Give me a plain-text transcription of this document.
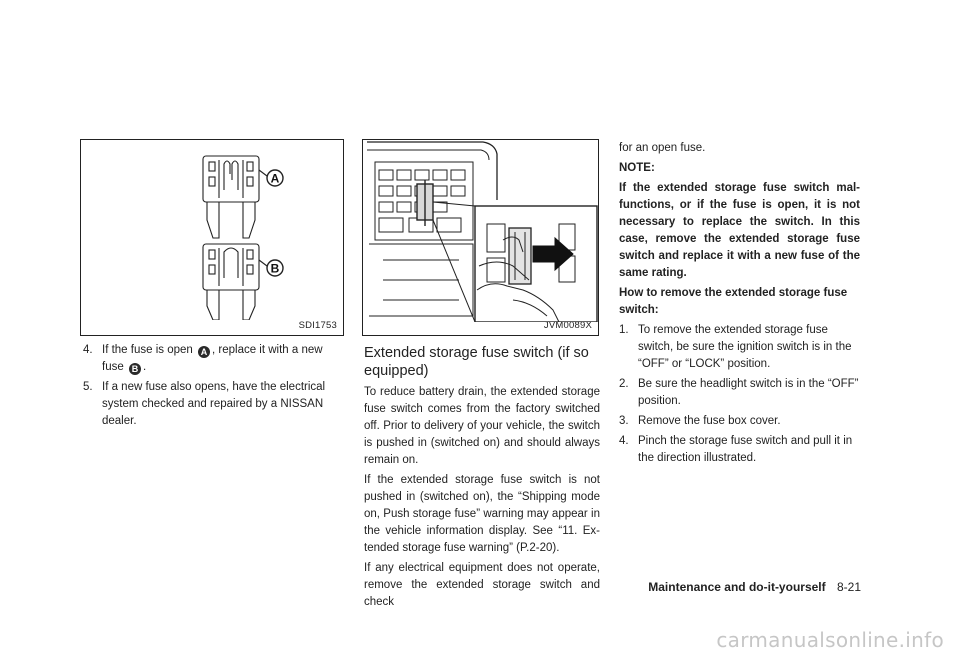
A
B
SDI1753	JVM0089X
4. If the fuse is open A , replace it with a new fuse B .
5. If a new fuse also opens, have the electrical system checked and repaired by a NISSAN dealer.
Extended storage fuse switch (if so equipped)

To reduce battery drain, the extended storage fuse switch comes from the factory switched off. Prior to delivery of your vehicle, the switch is pushed in (switched on) and should always remain on.

If the extended storage fuse switch is not pushed in (switched on), the “Shipping mode on, Push storage fuse” warning may appear in the vehicle information display. See “11. Ex-tended storage fuse warning” (P.2-20).

If any electrical equipment does not operate, remove the extended storage switch and check

for an open fuse.

NOTE:

If the extended storage fuse switch mal-functions, or if the fuse is open, it is not necessary to replace the switch. In this case, remove the extended storage fuse switch and replace it with a new fuse of the same rating.

How to remove the extended storage fuse switch:

1. To remove the extended storage fuse switch, be sure the ignition switch is in the “OFF” or “LOCK” position.
2. Be sure the headlight switch is in the “OFF” position.
3. Remove the fuse box cover.
4. Pinch the storage fuse switch and pull it in the direction illustrated.
Maintenance and do-it-yourself 8-21
carmanualsonline.info
